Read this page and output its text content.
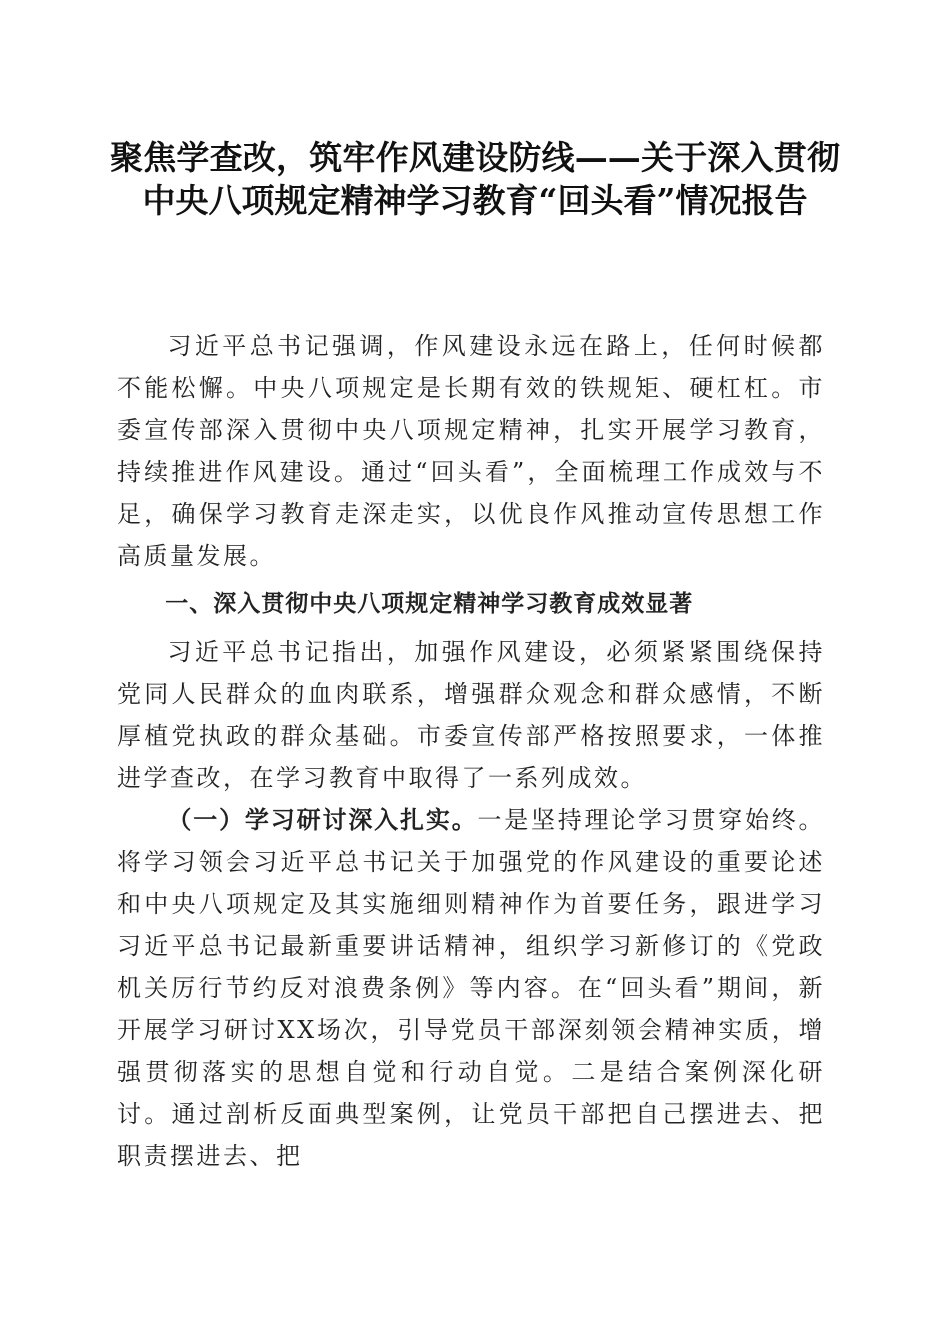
聚焦学查改，筑牢作风建设防线——关于深入贯彻中央八项规定精神学习教育“回头看”情况报告

习近平总书记强调，作风建设永远在路上，任何时候都不能松懈。中央八项规定是长期有效的铁规矩、硬杠杠。市委宣传部深入贯彻中央八项规定精神，扎实开展学习教育，持续推进作风建设。通过“回头看”，全面梳理工作成效与不足，确保学习教育走深走实，以优良作风推动宣传思想工作高质量发展。

一、深入贯彻中央八项规定精神学习教育成效显著

习近平总书记指出，加强作风建设，必须紧紧围绕保持党同人民群众的血肉联系，增强群众观念和群众感情，不断厚植党执政的群众基础。市委宣传部严格按照要求，一体推进学查改，在学习教育中取得了一系列成效。

（一）学习研讨深入扎实。一是坚持理论学习贯穿始终。将学习领会习近平总书记关于加强党的作风建设的重要论述和中央八项规定及其实施细则精神作为首要任务，跟进学习习近平总书记最新重要讲话精神，组织学习新修订的《党政机关厉行节约反对浪费条例》等内容。在“回头看”期间，新开展学习研讨XX场次，引导党员干部深刻领会精神实质，增强贯彻落实的思想自觉和行动自觉。二是结合案例深化研讨。通过剖析反面典型案例，让党员干部把自己摆进去、把职责摆进去、把
